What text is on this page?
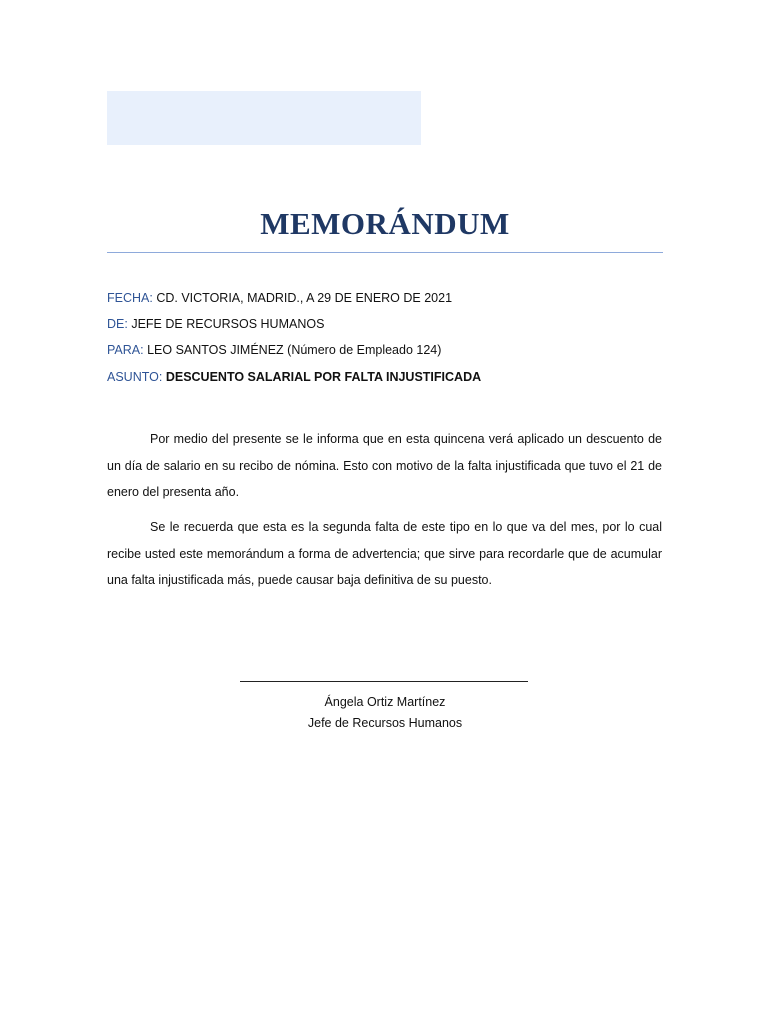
MEMORÁNDUM
FECHA: CD. VICTORIA, MADRID., A 29 DE ENERO DE 2021
DE: JEFE DE RECURSOS HUMANOS
PARA: LEO SANTOS JIMÉNEZ (Número de Empleado 124)
ASUNTO: DESCUENTO SALARIAL POR FALTA INJUSTIFICADA

Por medio del presente se le informa que en esta quincena verá aplicado un descuento de un día de salario en su recibo de nómina. Esto con motivo de la falta injustificada que tuvo el 21 de enero del presenta año.

Se le recuerda que esta es la segunda falta de este tipo en lo que va del mes, por lo cual recibe usted este memorándum a forma de advertencia; que sirve para recordarle que de acumular una falta injustificada más, puede causar baja definitiva de su puesto.

Ángela Ortiz Martínez
Jefe de Recursos Humanos
